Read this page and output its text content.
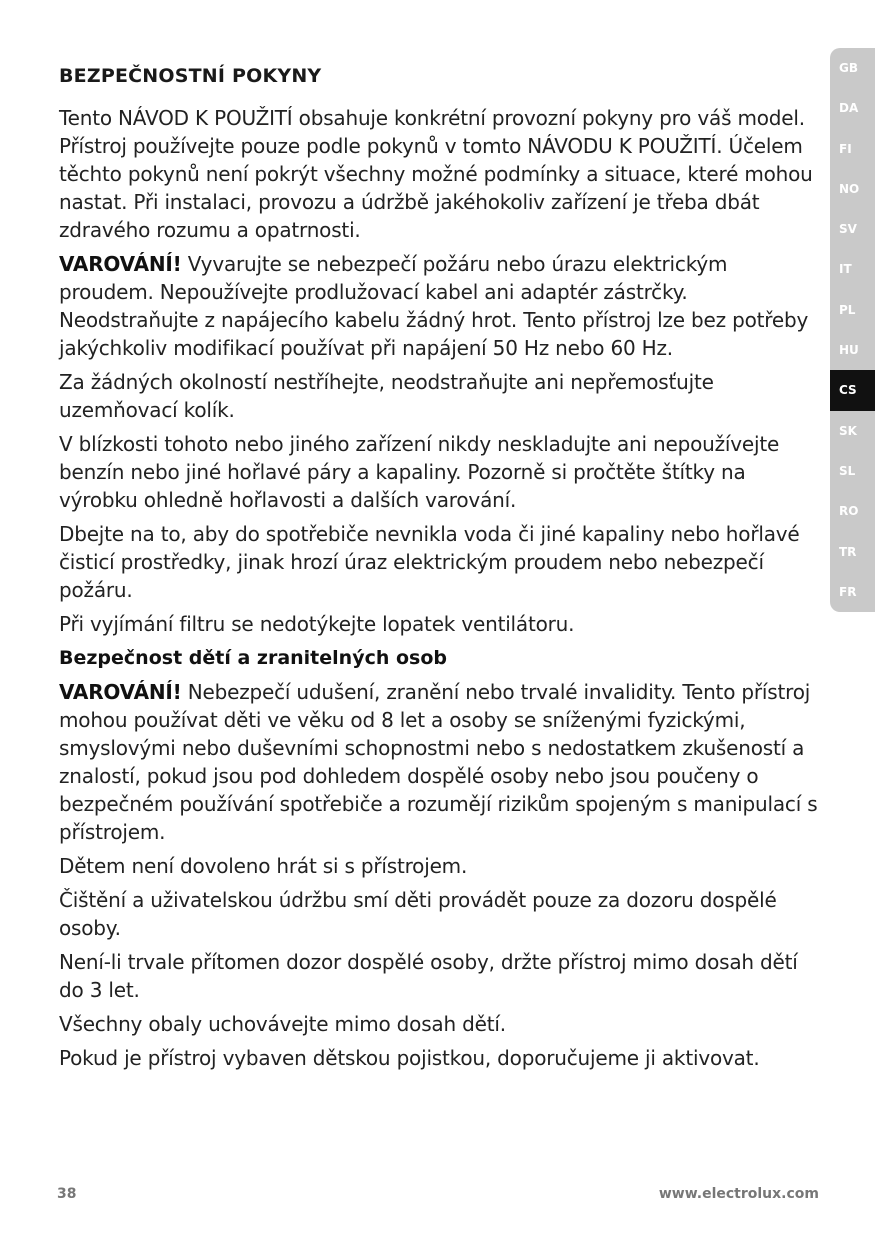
BEZPEČNOSTNÍ POKYNY

Tento NÁVOD K POUŽITÍ obsahuje konkrétní provozní pokyny pro váš model. Přístroj používejte pouze podle pokynů v tomto NÁVODU K POUŽITÍ. Účelem těchto pokynů není pokrýt všechny možné podmínky a situace, které mohou nastat. Při instalaci, provozu a údržbě jakéhokoliv zařízení je třeba dbát zdravého rozumu a opatrnosti.

VAROVÁNÍ! Vyvarujte se nebezpečí požáru nebo úrazu elektrickým proudem. Nepoužívejte prodlužovací kabel ani adaptér zástrčky. Neodstraňujte z napájecího kabelu žádný hrot. Tento přístroj lze bez potřeby jakýchkoliv modifikací používat při napájení 50 Hz nebo 60 Hz.

Za žádných okolností nestříhejte, neodstraňujte ani nepřemosťujte uzemňovací kolík.

V blízkosti tohoto nebo jiného zařízení nikdy neskladujte ani nepoužívejte benzín nebo jiné hořlavé páry a kapaliny. Pozorně si pročtěte štítky na výrobku ohledně hořlavosti a dalších varování.

Dbejte na to, aby do spotřebiče nevnikla voda či jiné kapaliny nebo hořlavé čisticí prostředky, jinak hrozí úraz elektrickým proudem nebo nebezpečí požáru.

Při vyjímání filtru se nedotýkejte lopatek ventilátoru.

Bezpečnost dětí a zranitelných osob

VAROVÁNÍ! Nebezpečí udušení, zranění nebo trvalé invalidity. Tento přístroj mohou používat děti ve věku od 8 let a osoby se sníženými fyzickými, smyslovými nebo duševními schopnostmi nebo s nedostatkem zkušeností a znalostí, pokud jsou pod dohledem dospělé osoby nebo jsou poučeny o bezpečném používání spotřebiče a rozumějí rizikům spojeným s manipulací s přístrojem.

Dětem není dovoleno hrát si s přístrojem.

Čištění a uživatelskou údržbu smí děti provádět pouze za dozoru dospělé osoby.

Není-li trvale přítomen dozor dospělé osoby, držte přístroj mimo dosah dětí do 3 let.

Všechny obaly uchovávejte mimo dosah dětí.

Pokud je přístroj vybaven dětskou pojistkou, doporučujeme ji aktivovat.

GB
DA
FI
NO
SV
IT
PL
HU
CS
SK
SL
RO
TR
FR
38	www.electrolux.com
